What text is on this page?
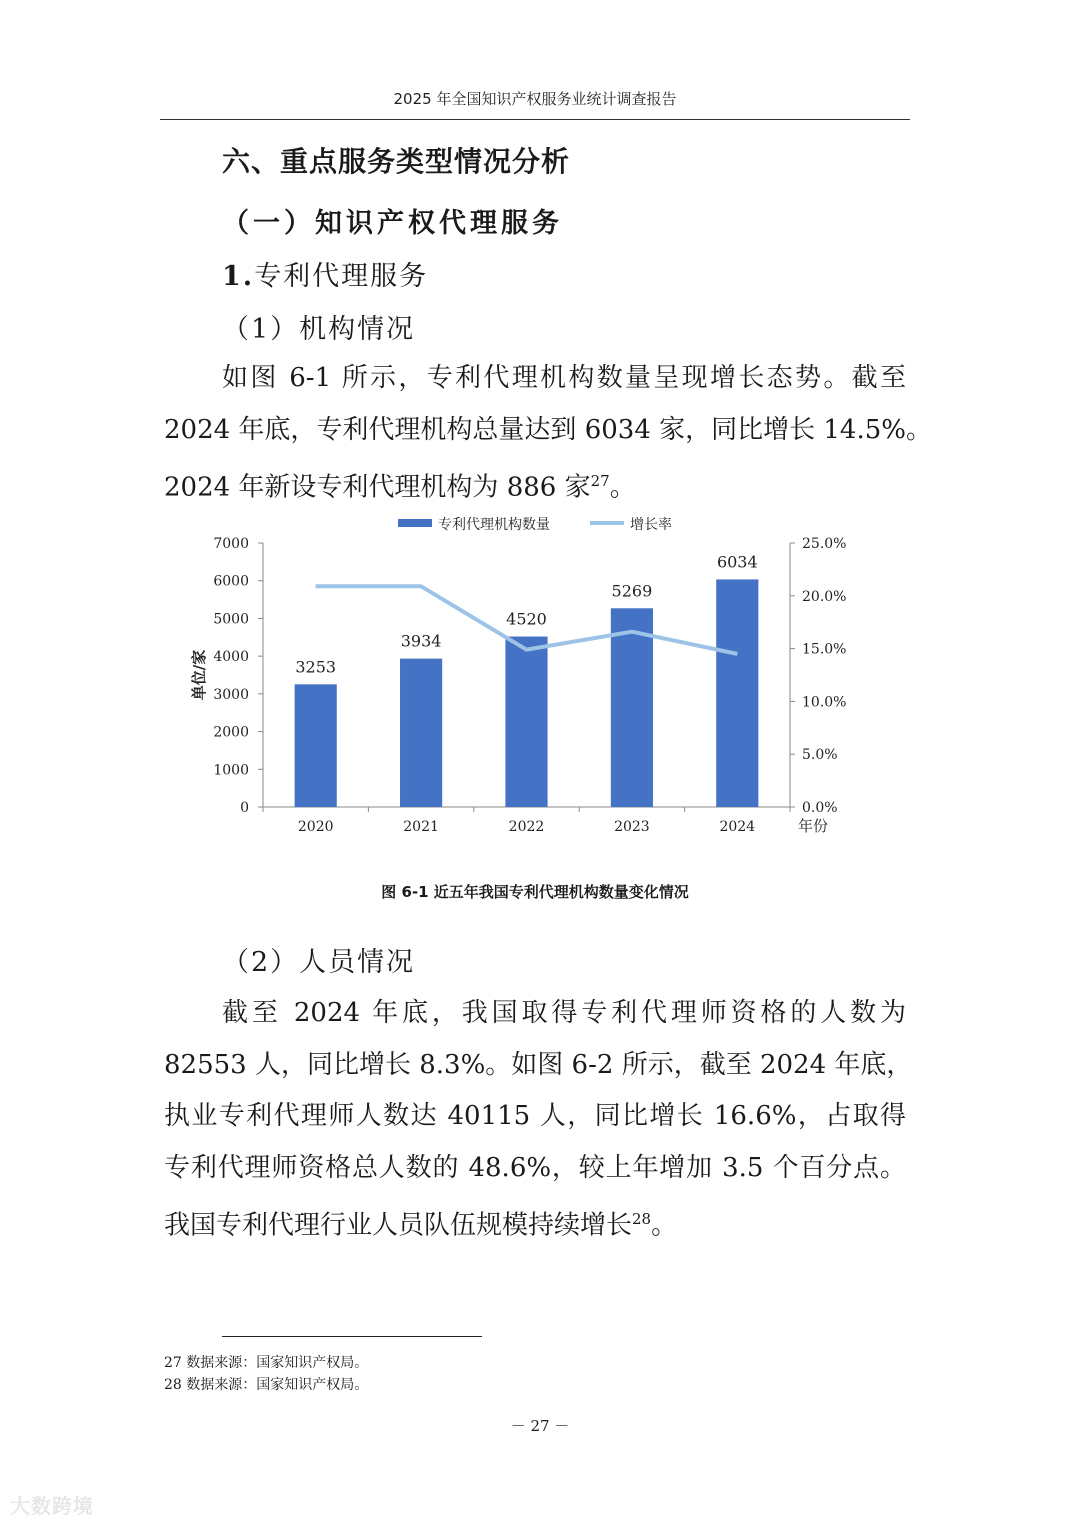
2025 年全国知识产权服务业统计调查报告
六、重点服务类型情况分析
（一）知识产权代理服务
1.专利代理服务
（1）机构情况
如图 6-1 所示，专利代理机构数量呈现增长态势。截至
2024 年底，专利代理机构总量达到 6034 家，同比增长 14.5%。
2024 年新设专利代理机构为 886 家$^{27}$。
专利代理机构数量	增长率
0
1000
2000
3000
4000
5000
6000
7000
0.0%
5.0%
10.0%
15.0%
20.0%
25.0%
2020	2021	2022	2023	2024
单位/家
年份
3253
3934
4520
5269
6034
图 6-1 近五年我国专利代理机构数量变化情况
（2）人员情况
截至 2024 年底，我国取得专利代理师资格的人数为
82553 人，同比增长 8.3%。如图 6-2 所示，截至 2024 年底，
执业专利代理师人数达 40115 人，同比增长 16.6%，占取得
专利代理师资格总人数的 48.6%，较上年增加 3.5 个百分点。
我国专利代理行业人员队伍规模持续增长$^{28}$。
27 数据来源：国家知识产权局。
28 数据来源：国家知识产权局。
－ 27 －
大数跨境
